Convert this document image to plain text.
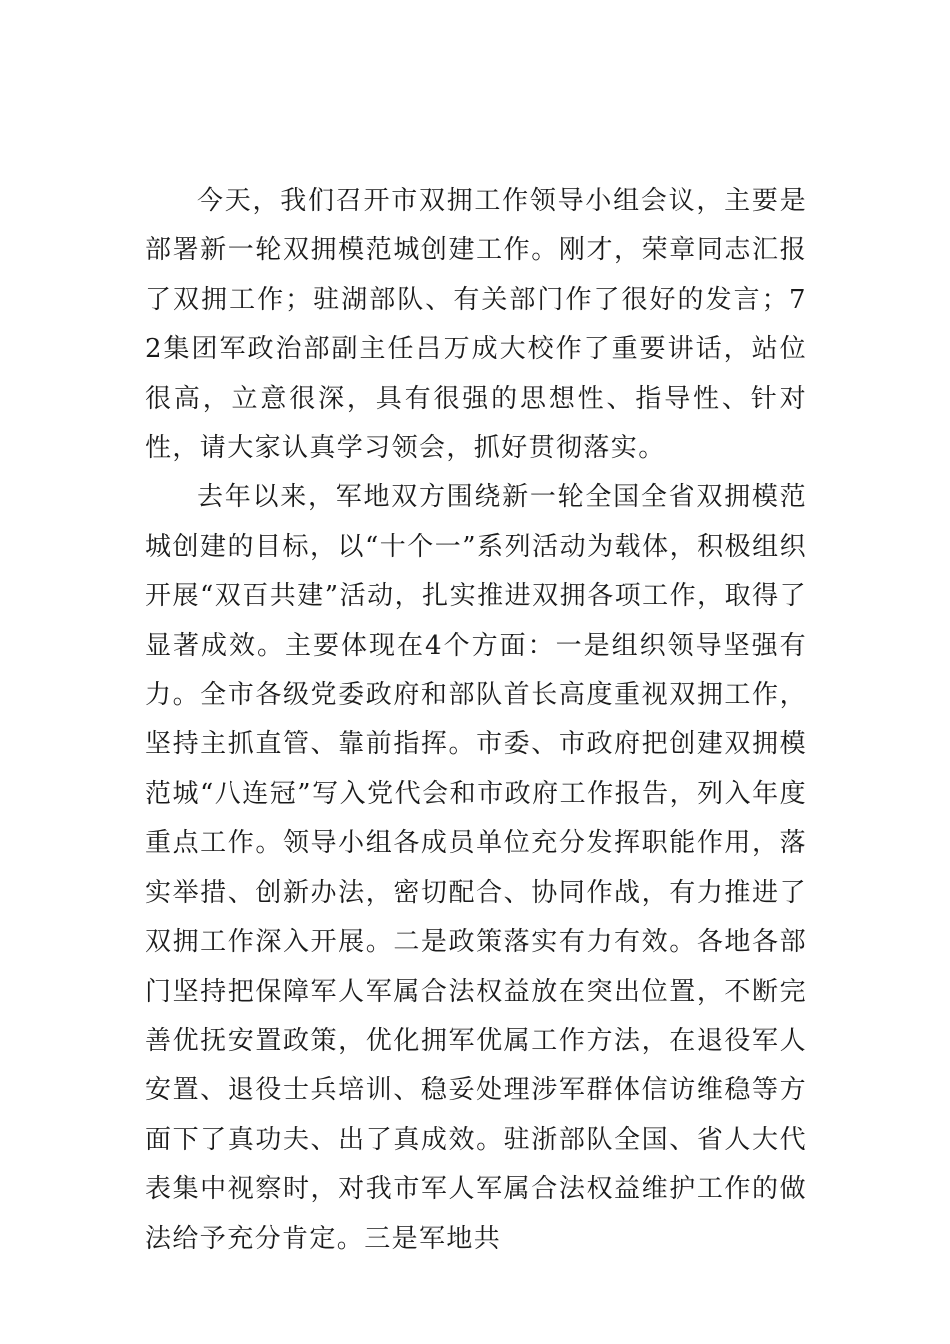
今天，我们召开市双拥工作领导小组会议，主要是部署新一轮双拥模范城创建工作。刚才，荣章同志汇报了双拥工作；驻湖部队、有关部门作了很好的发言；72集团军政治部副主任吕万成大校作了重要讲话，站位很高，立意很深，具有很强的思想性、指导性、针对性，请大家认真学习领会，抓好贯彻落实。

去年以来，军地双方围绕新一轮全国全省双拥模范城创建的目标，以“十个一”系列活动为载体，积极组织开展“双百共建”活动，扎实推进双拥各项工作，取得了显著成效。主要体现在4个方面：一是组织领导坚强有力。全市各级党委政府和部队首长高度重视双拥工作，坚持主抓直管、靠前指挥。市委、市政府把创建双拥模范城“八连冠”写入党代会和市政府工作报告，列入年度重点工作。领导小组各成员单位充分发挥职能作用，落实举措、创新办法，密切配合、协同作战，有力推进了双拥工作深入开展。二是政策落实有力有效。各地各部门坚持把保障军人军属合法权益放在突出位置，不断完善优抚安置政策，优化拥军优属工作方法，在退役军人安置、退役士兵培训、稳妥处理涉军群体信访维稳等方面下了真功夫、出了真成效。驻浙部队全国、省人大代表集中视察时，对我市军人军属合法权益维护工作的做法给予充分肯定。三是军地共
